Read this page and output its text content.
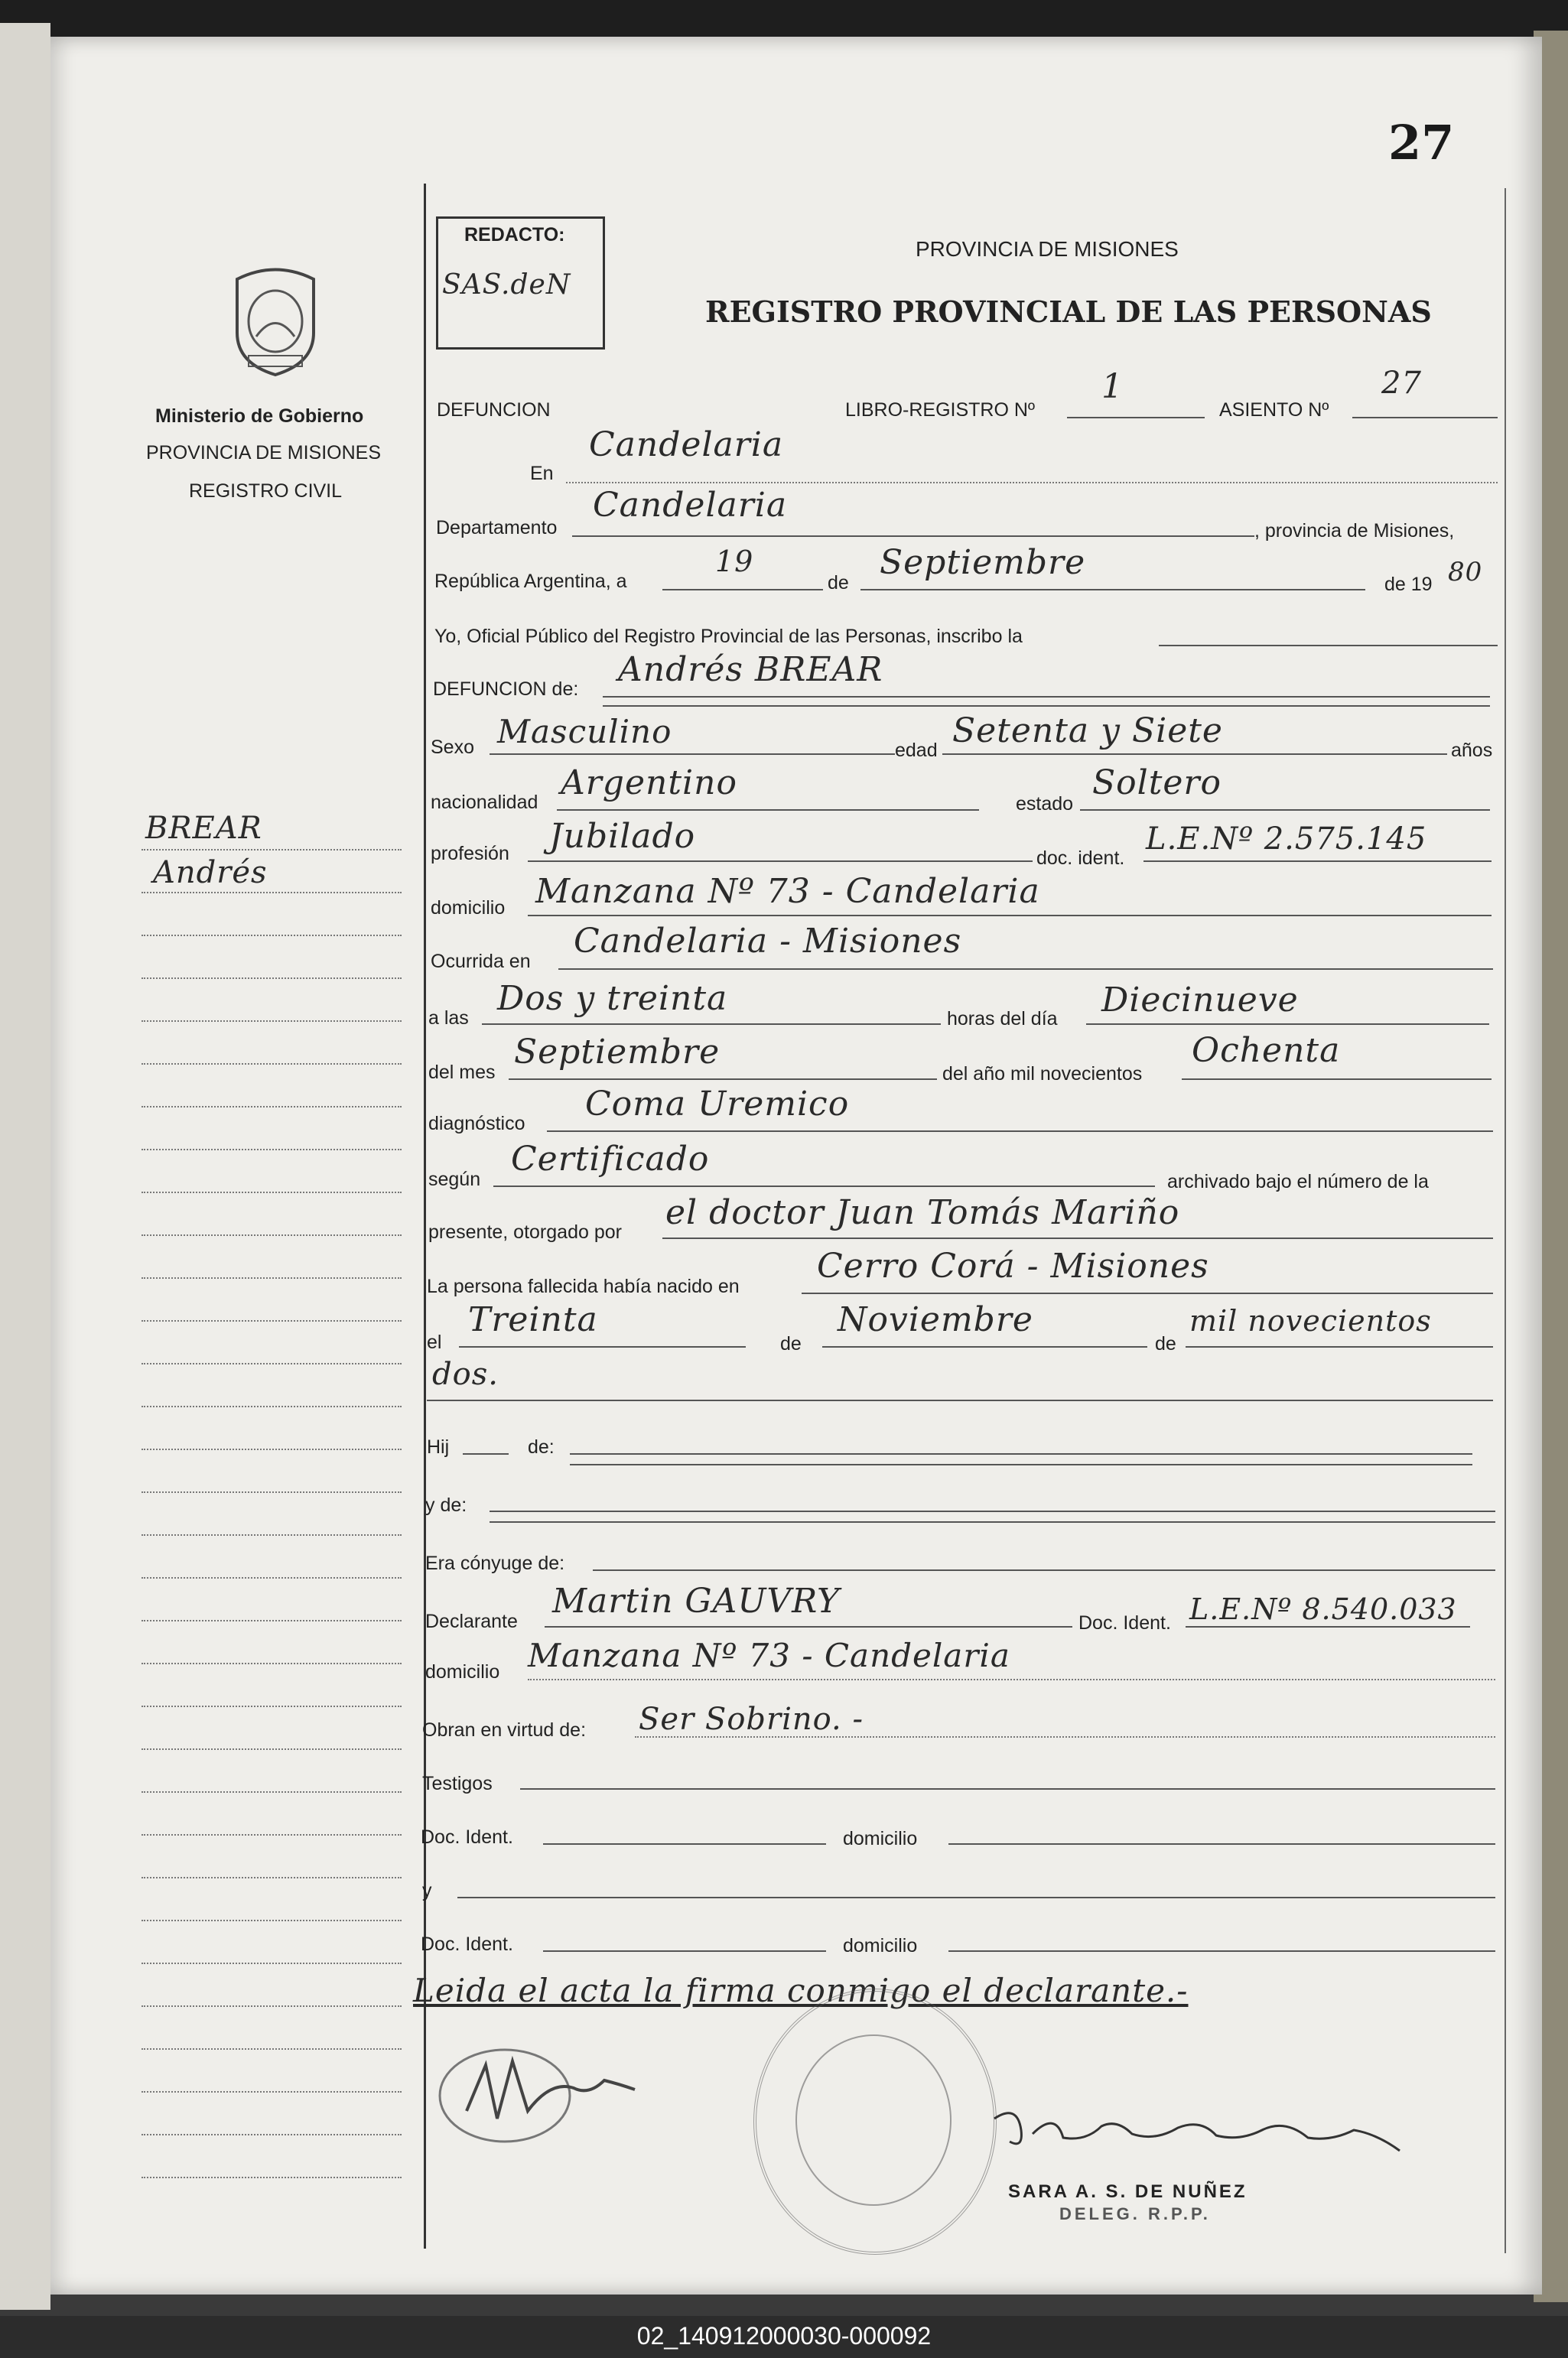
27
REDACTO:
SAS.deN
PROVINCIA DE MISIONES
REGISTRO PROVINCIAL DE LAS PERSONAS
Ministerio de Gobierno
PROVINCIA DE MISIONES
REGISTRO CIVIL
BREAR
Andrés
DEFUNCION	LIBRO-REGISTRO Nº
1
ASIENTO Nº
27
En
Candelaria
Departamento
Candelaria
, provincia de Misiones,
República Argentina, a
19
de
Septiembre
de 19 80
Yo, Oficial Público del Registro Provincial de las Personas, inscribo la
DEFUNCION de: Andrés BREAR
Sexo Masculino	edad Setenta y Siete	años
nacionalidad Argentino
estado
Soltero
profesión Jubilado
doc. ident.
L.E.Nº 2.575.145
domicilio Manzana Nº 73 - Candelaria
Ocurrida en
Candelaria - Misiones
a las Dos y treinta
horas del día Diecinueve
del mes
Septiembre
del año mil novecientos
Ochenta
diagnóstico Coma Uremico
según
Certificado
archivado bajo el número de la
presente, otorgado por el doctor Juan Tomás Mariño
La persona fallecida había nacido en
Cerro Corá - Misiones
el
Treinta
de
Noviembre
de
mil novecientos
dos.
Hij	de:
y de:
Era cónyuge de:
Declarante
Martin GAUVRY
Doc. Ident. L.E.Nº 8.540.033
domicilio Manzana Nº 73 - Candelaria
Obran en virtud de: Ser Sobrino. -
Testigos
Doc. Ident.	domicilio
y
Doc. Ident.	domicilio
Leida el acta la firma conmigo el declarante.-
SARA A. S. DE NUÑEZ
DELEG. R.P.P.
02_140912000030-000092
